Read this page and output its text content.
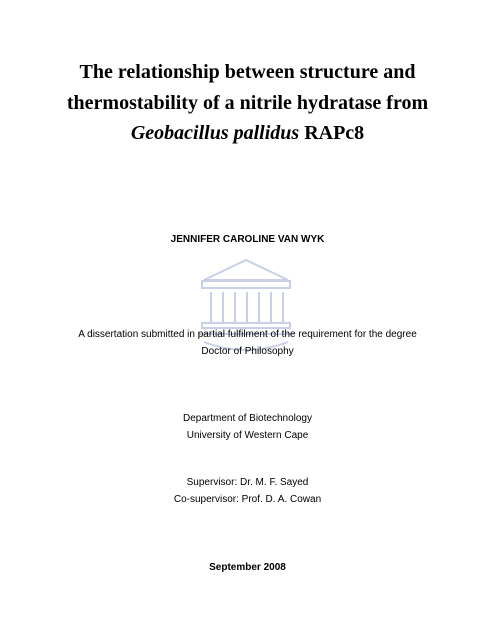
The relationship between structure and
thermostability of a nitrile hydratase from
Geobacillus pallidus RAPc8
JENNIFER CAROLINE VAN WYK
A dissertation submitted in partial fulfilment of the requirement for the degree
Doctor of Philosophy
Department of Biotechnology
University of Western Cape
Supervisor: Dr. M. F. Sayed
Co-supervisor: Prof. D. A. Cowan
September 2008
